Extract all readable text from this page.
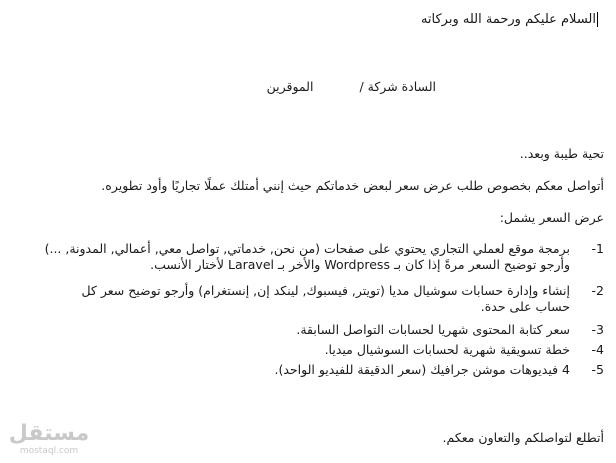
السلام عليكم ورحمة الله وبركاته
السادة شركة /الموقرين
تحية طيبة وبعد..
أتواصل معكم بخصوص طلب عرض سعر لبعض خدماتكم حيث إنني أمتلك عملًا تجاريًا وأود تطويره.
عرض السعر يشمل:
1-
برمجة موقع لعملي التجاري يحتوي على صفحات (من نحن, خدماتي, تواصل معي, أعمالي, المدونة, ...) وأرجو توضيح السعر مرةً إذا كان بـ Wordpress والأخر بـ Laravel لأختار الأنسب.
2-
إنشاء وإدارة حسابات سوشيال مديا (تويتر, فيسبوك, لينكد إن, إنستغرام) وأرجو توضيح سعر كل حساب على حدة.
3-
سعر كتابة المحتوى شهريا لحسابات التواصل السابقة.
4-
خطة تسويقية شهرية لحسابات السوشيال ميديا.
5-
4 فيديوهات موشن جرافيك (سعر الدقيقة للفيديو الواحد).
أتطلع لتواصلكم والتعاون معكم.
مستقل
mostaql.com
